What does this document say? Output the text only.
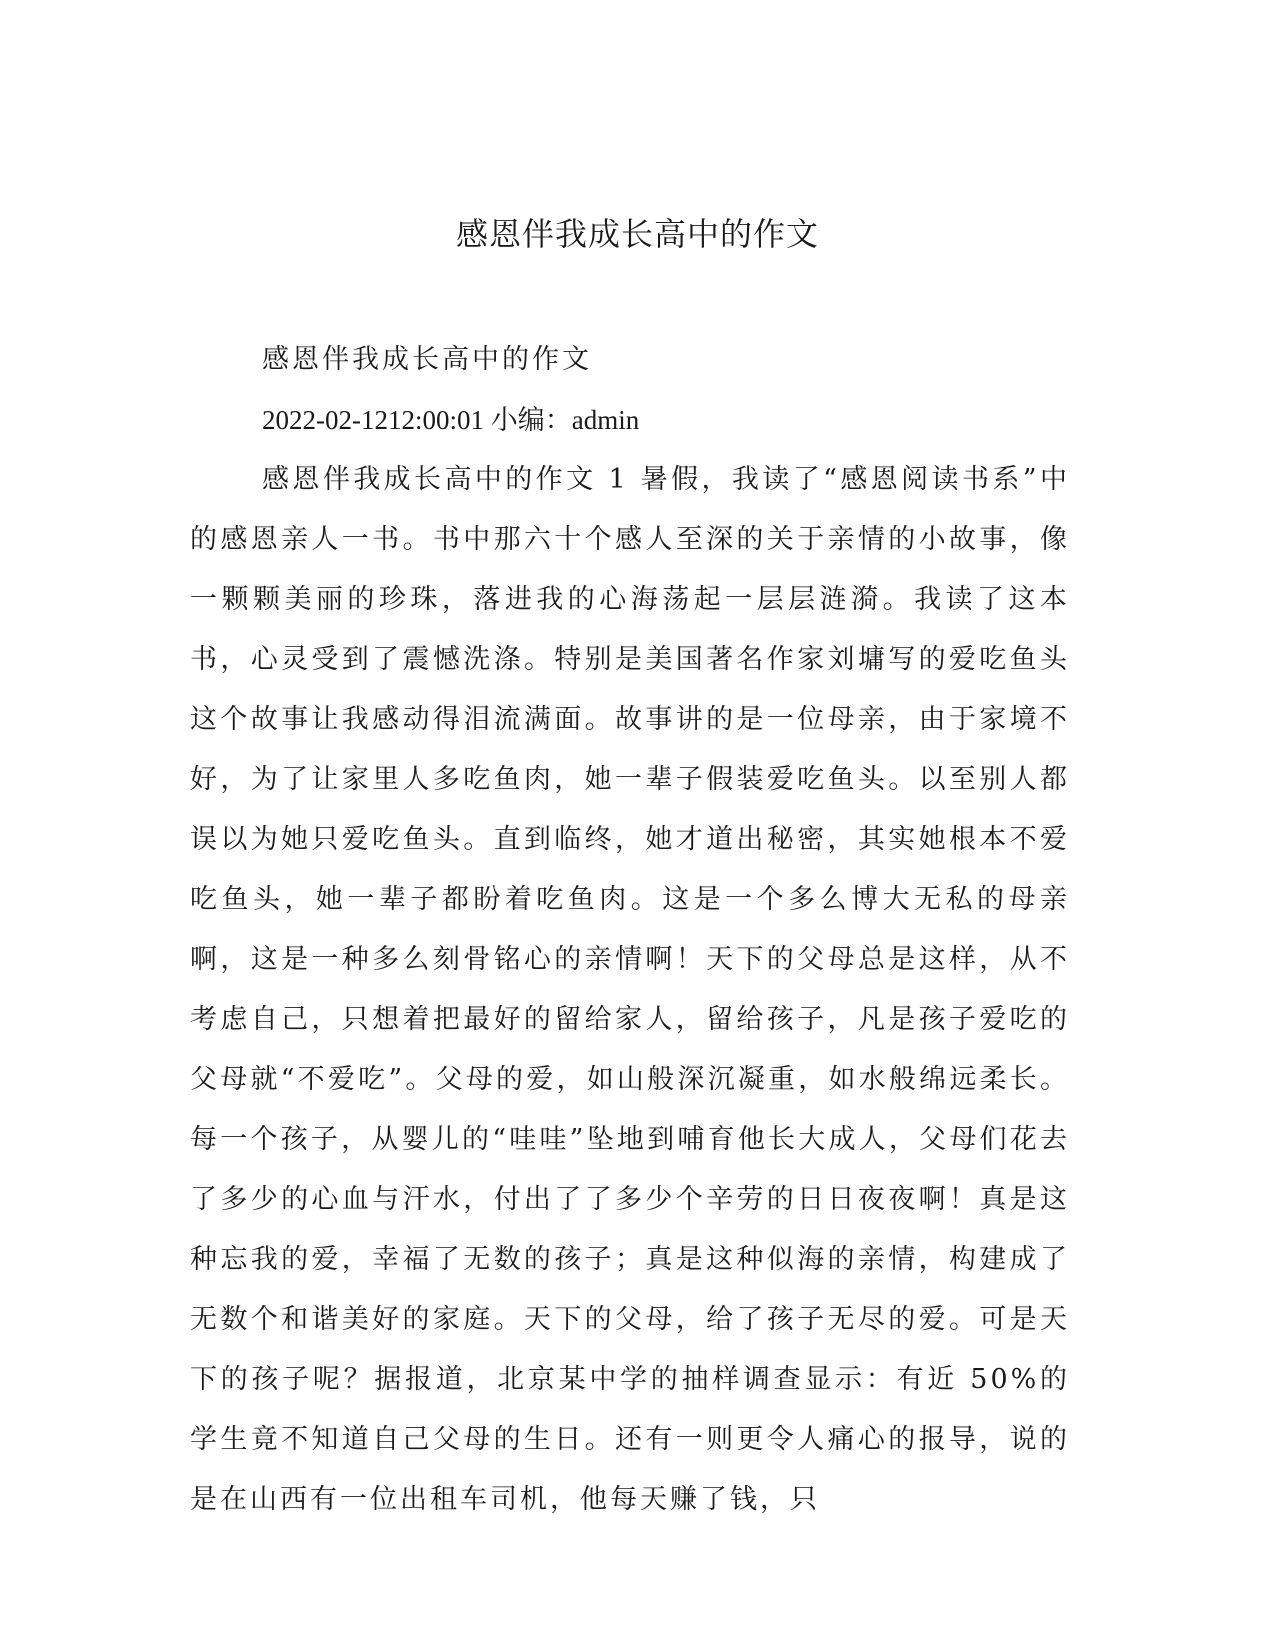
感恩伴我成长高中的作文

感恩伴我成长高中的作文

2022-02-1212:00:01 小编：admin

感恩伴我成长高中的作文 1 暑假，我读了“感恩阅读书系”中的感恩亲人一书。书中那六十个感人至深的关于亲情的小故事，像一颗颗美丽的珍珠，落进我的心海荡起一层层涟漪。我读了这本书，心灵受到了震憾洗涤。特别是美国著名作家刘墉写的爱吃鱼头这个故事让我感动得泪流满面。故事讲的是一位母亲，由于家境不好，为了让家里人多吃鱼肉，她一辈子假装爱吃鱼头。以至别人都误以为她只爱吃鱼头。直到临终，她才道出秘密，其实她根本不爱吃鱼头，她一辈子都盼着吃鱼肉。这是一个多么博大无私的母亲啊，这是一种多么刻骨铭心的亲情啊！天下的父母总是这样，从不考虑自己，只想着把最好的留给家人，留给孩子，凡是孩子爱吃的父母就“不爱吃”。父母的爱，如山般深沉凝重，如水般绵远柔长。每一个孩子，从婴儿的“哇哇”坠地到哺育他长大成人，父母们花去了多少的心血与汗水，付出了了多少个辛劳的日日夜夜啊！真是这种忘我的爱，幸福了无数的孩子；真是这种似海的亲情，构建成了无数个和谐美好的家庭。天下的父母，给了孩子无尽的爱。可是天下的孩子呢？据报道，北京某中学的抽样调查显示：有近 50%的学生竟不知道自己父母的生日。还有一则更令人痛心的报导，说的是在山西有一位出租车司机，他每天赚了钱，只
